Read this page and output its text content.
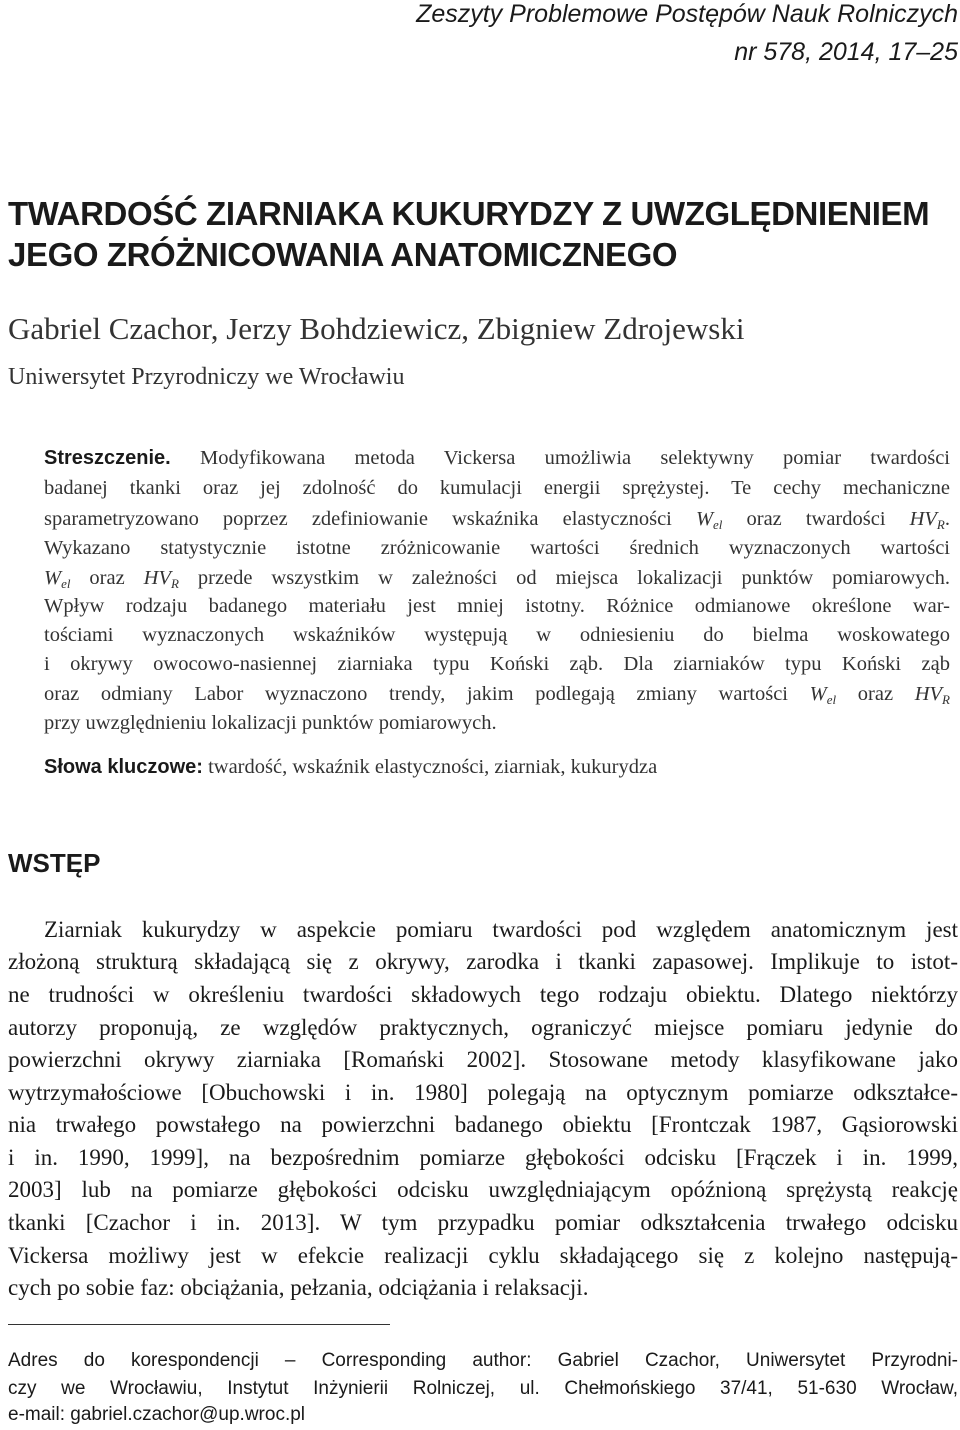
Zeszyty Problemowe Postępów Nauk Rolniczych
nr 578, 2014, 17–25
TWARDOŚĆ ZIARNIAKA KUKURYDZY Z UWZGLĘDNIENIEM
JEGO ZRÓŻNICOWANIA ANATOMICZNEGO
Gabriel Czachor, Jerzy Bohdziewicz, Zbigniew Zdrojewski
Uniwersytet Przyrodniczy we Wrocławiu
Streszczenie. Modyfikowana metoda Vickersa umożliwia selektywny pomiar twardości
badanej tkanki oraz jej zdolność do kumulacji energii sprężystej. Te cechy mechaniczne
sparametryzowano poprzez zdefiniowanie wskaźnika elastyczności $W_{el}$ oraz twardości $HV_R$.
Wykazano statystycznie istotne zróżnicowanie wartości średnich wyznaczonych wartości
$W_{el}$ oraz $HV_R$ przede wszystkim w zależności od miejsca lokalizacji punktów pomiarowych.
Wpływ rodzaju badanego materiału jest mniej istotny. Różnice odmianowe określone war-
tościami wyznaczonych wskaźników występują w odniesieniu do bielma woskowatego
i okrywy owocowo-nasiennej ziarniaka typu Koński ząb. Dla ziarniaków typu Koński ząb
oraz odmiany Labor wyznaczono trendy, jakim podlegają zmiany wartości $W_{el}$ oraz $HV_R$
przy uwzględnieniu lokalizacji punktów pomiarowych.
Słowa kluczowe: twardość, wskaźnik elastyczności, ziarniak, kukurydza
WSTĘP
Ziarniak kukurydzy w aspekcie pomiaru twardości pod względem anatomicznym jest
złożoną strukturą składającą się z okrywy, zarodka i tkanki zapasowej. Implikuje to istot-
ne trudności w określeniu twardości składowych tego rodzaju obiektu. Dlatego niektórzy
autorzy proponują, ze względów praktycznych, ograniczyć miejsce pomiaru jedynie do
powierzchni okrywy ziarniaka [Romański 2002]. Stosowane metody klasyfikowane jako
wytrzymałościowe [Obuchowski i in. 1980] polegają na optycznym pomiarze odkształce-
nia trwałego powstałego na powierzchni badanego obiektu [Frontczak 1987, Gąsiorowski
i in. 1990, 1999], na bezpośrednim pomiarze głębokości odcisku [Frączek i in. 1999,
2003] lub na pomiarze głębokości odcisku uwzględniającym opóźnioną sprężystą reakcję
tkanki [Czachor i in. 2013]. W tym przypadku pomiar odkształcenia trwałego odcisku
Vickersa możliwy jest w efekcie realizacji cyklu składającego się z kolejno następują-
cych po sobie faz: obciążania, pełzania, odciążania i relaksacji.
Adres do korespondencji – Corresponding author: Gabriel Czachor, Uniwersytet Przyrodni-
czy we Wrocławiu, Instytut Inżynierii Rolniczej, ul. Chełmońskiego 37/41, 51-630 Wrocław,
e-mail: gabriel.czachor@up.wroc.pl
